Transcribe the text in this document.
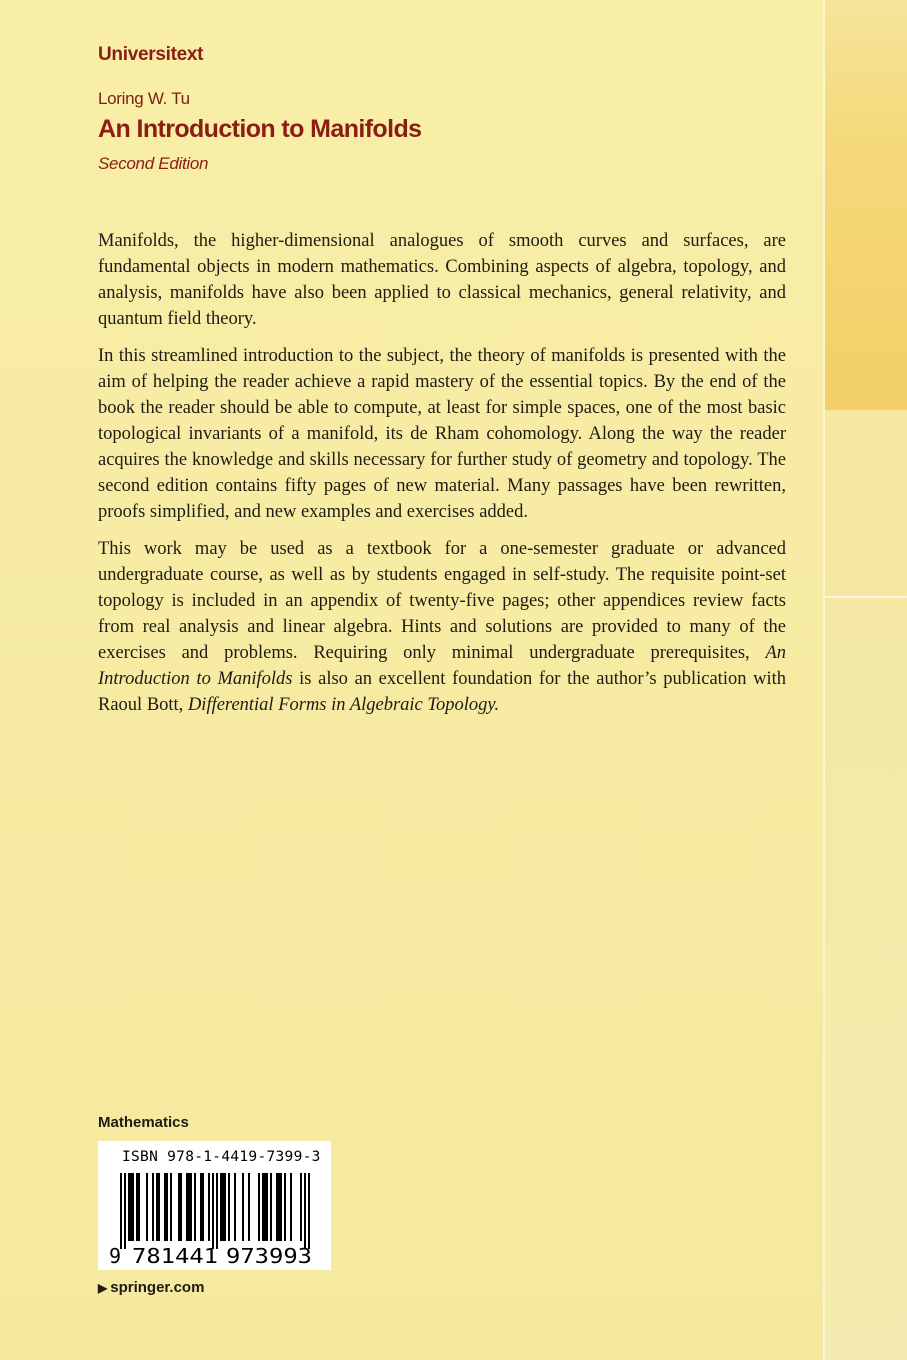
Universitext
Loring W. Tu
An Introduction to Manifolds
Second Edition

Manifolds, the higher-dimensional analogues of smooth curves and surfaces, are fundamental objects in modern mathematics. Combining aspects of algebra, topology, and analysis, manifolds have also been applied to classical mechanics, general relativity, and quantum field theory.

In this streamlined introduction to the subject, the theory of manifolds is presented with the aim of helping the reader achieve a rapid mastery of the essential topics. By the end of the book the reader should be able to compute, at least for simple spaces, one of the most basic topological invariants of a manifold, its de Rham cohomology. Along the way the reader acquires the knowledge and skills necessary for further study of geometry and topology. The second edition contains fifty pages of new material. Many passages have been rewritten, proofs simplified, and new examples and exercises added.

This work may be used as a textbook for a one-semester graduate or advanced undergraduate course, as well as by students engaged in self-study. The requisite point-set topology is included in an appendix of twenty-five pages; other appendices review facts from real analysis and linear algebra. Hints and solutions are provided to many of the exercises and problems. Requiring only minimal undergraduate prerequisites, An Introduction to Manifolds is also an excellent foundation for the author’s publication with Raoul Bott, Differential Forms in Algebraic Topology.

Mathematics
ISBN 978-1-4419-7399-3
9 781441 973993
▶ springer.com
